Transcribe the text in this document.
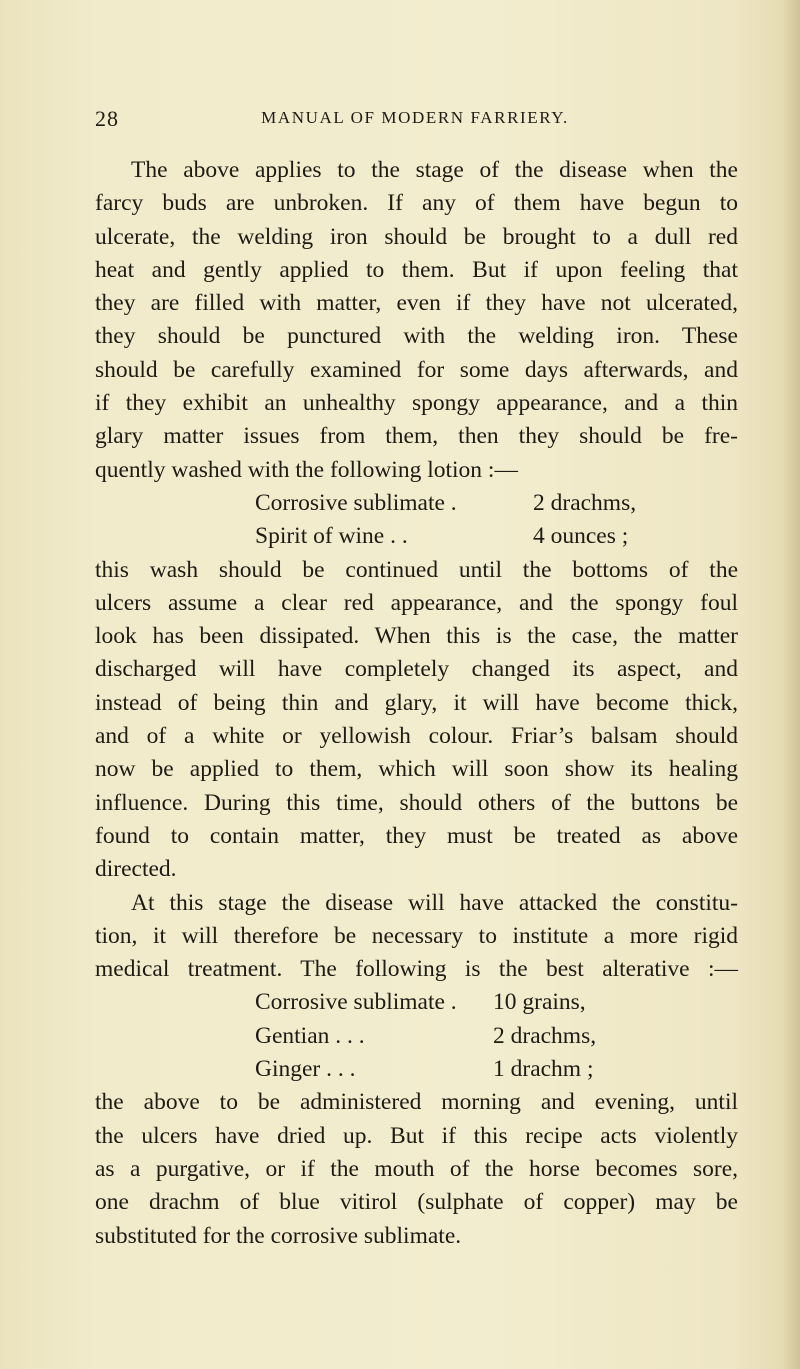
28	MANUAL OF MODERN FARRIERY.
The above applies to the stage of the disease when the
farcy buds are unbroken. If any of them have begun to
ulcerate, the welding iron should be brought to a dull red
heat and gently applied to them. But if upon feeling that
they are filled with matter, even if they have not ulcerated,
they should be punctured with the welding iron. These
should be carefully examined for some days afterwards, and
if they exhibit an unhealthy spongy appearance, and a thin
glary matter issues from them, then they should be fre-
quently washed with the following lotion :—
Corrosive sublimate .	2 drachms,
Spirit of wine . .	4 ounces ;
this wash should be continued until the bottoms of the
ulcers assume a clear red appearance, and the spongy foul
look has been dissipated. When this is the case, the matter
discharged will have completely changed its aspect, and
instead of being thin and glary, it will have become thick,
and of a white or yellowish colour. Friar’s balsam should
now be applied to them, which will soon show its healing
influence. During this time, should others of the buttons be
found to contain matter, they must be treated as above
directed.
At this stage the disease will have attacked the constitu-
tion, it will therefore be necessary to institute a more rigid
medical treatment. The following is the best alterative :—
Corrosive sublimate . 10 grains,
Gentian . . .	2 drachms,
Ginger . . .	1 drachm ;
the above to be administered morning and evening, until
the ulcers have dried up. But if this recipe acts violently
as a purgative, or if the mouth of the horse becomes sore,
one drachm of blue vitirol (sulphate of copper) may be
substituted for the corrosive sublimate.
